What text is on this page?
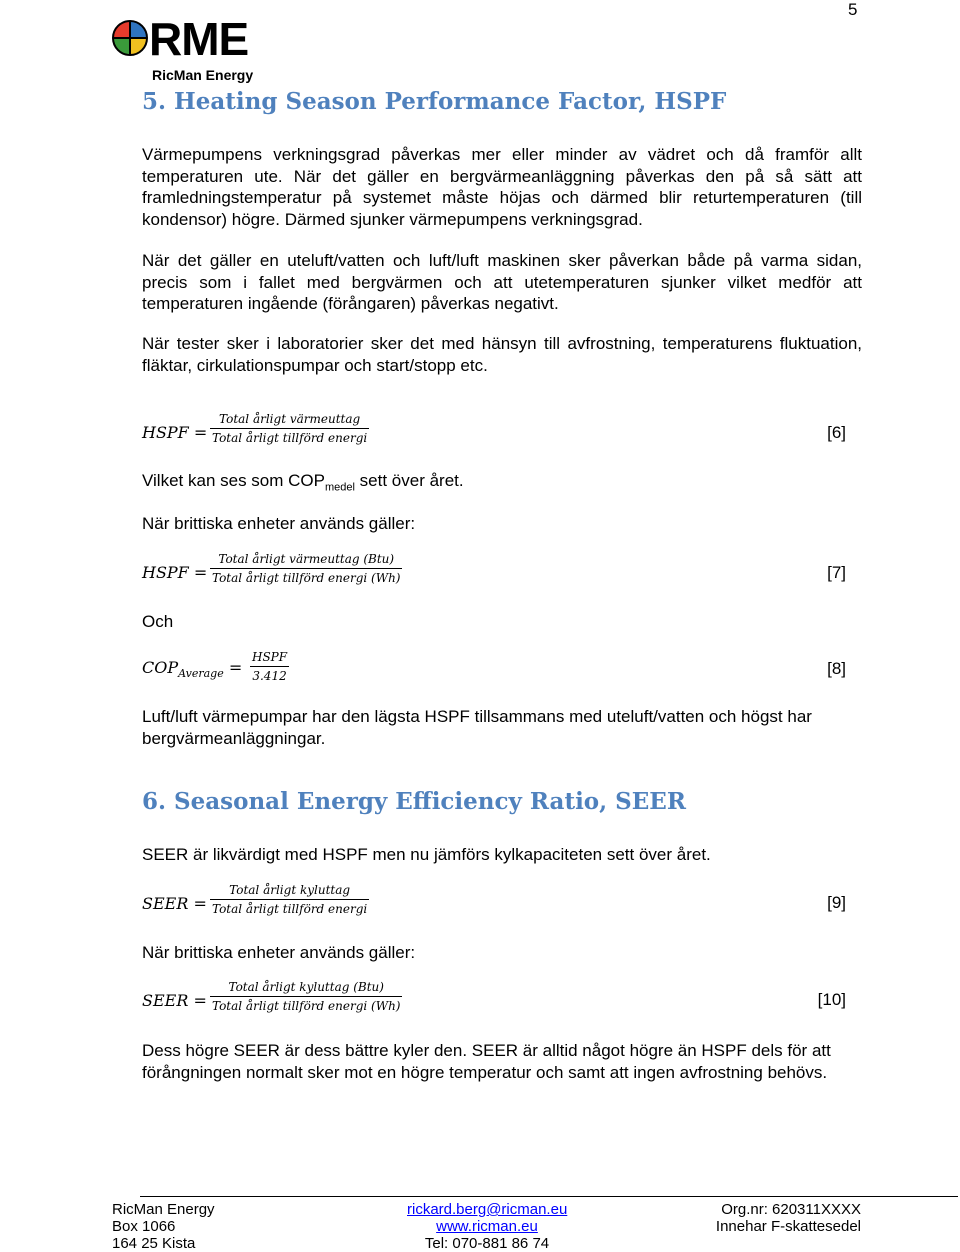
5
RME
RicMan Energy
5. Heating Season Performance Factor, HSPF
Värmepumpens verkningsgrad påverkas mer eller minder av vädret och då framför allt temperaturen ute. När det gäller en bergvärmeanläggning påverkas den på så sätt att framledningstemperatur på systemet måste höjas och därmed blir returtemperaturen (till kondensor) högre. Därmed sjunker värmepumpens verkningsgrad.
När det gäller en uteluft/vatten och luft/luft maskinen sker påverkan både på varma sidan, precis som i fallet med bergvärmen och att utetemperaturen sjunker vilket medför att temperaturen ingående (förångaren) påverkas negativt.
När tester sker i laboratorier sker det med hänsyn till avfrostning, temperaturens fluktuation, fläktar, cirkulationspumpar och start/stopp etc.
HSPF =
Total årligt värmeuttag
Total årligt tillförd energi	[6]
Vilket kan ses som $COP_{medel}$ sett över året.
När brittiska enheter används gäller:
HSPF =
Total årligt värmeuttag (Btu)
Total årligt tillförd energi (Wh)	[7]
Och
$COP_{Average}$ =
HSPF
3.412	[8]
Luft/luft värmepumpar har den lägsta HSPF tillsammans med uteluft/vatten och högst har bergvärmeanläggningar.
6. Seasonal Energy Efficiency Ratio, SEER
SEER är likvärdigt med HSPF men nu jämförs kylkapaciteten sett över året.
SEER =
Total årligt kyluttag
Total årligt tillförd energi	[9]
När brittiska enheter används gäller:
SEER =
Total årligt kyluttag (Btu)
Total årligt tillförd energi (Wh)	[10]
Dess högre SEER är dess bättre kyler den. SEER är alltid något högre än HSPF dels för att förångningen normalt sker mot en högre temperatur och samt att ingen avfrostning behövs.
RicMan Energy
Box 1066
164 25 Kista
rickard.berg@ricman.eu
www.ricman.eu
Tel: 070-881 86 74
Org.nr: 620311XXXX
Innehar F-skattesedel
